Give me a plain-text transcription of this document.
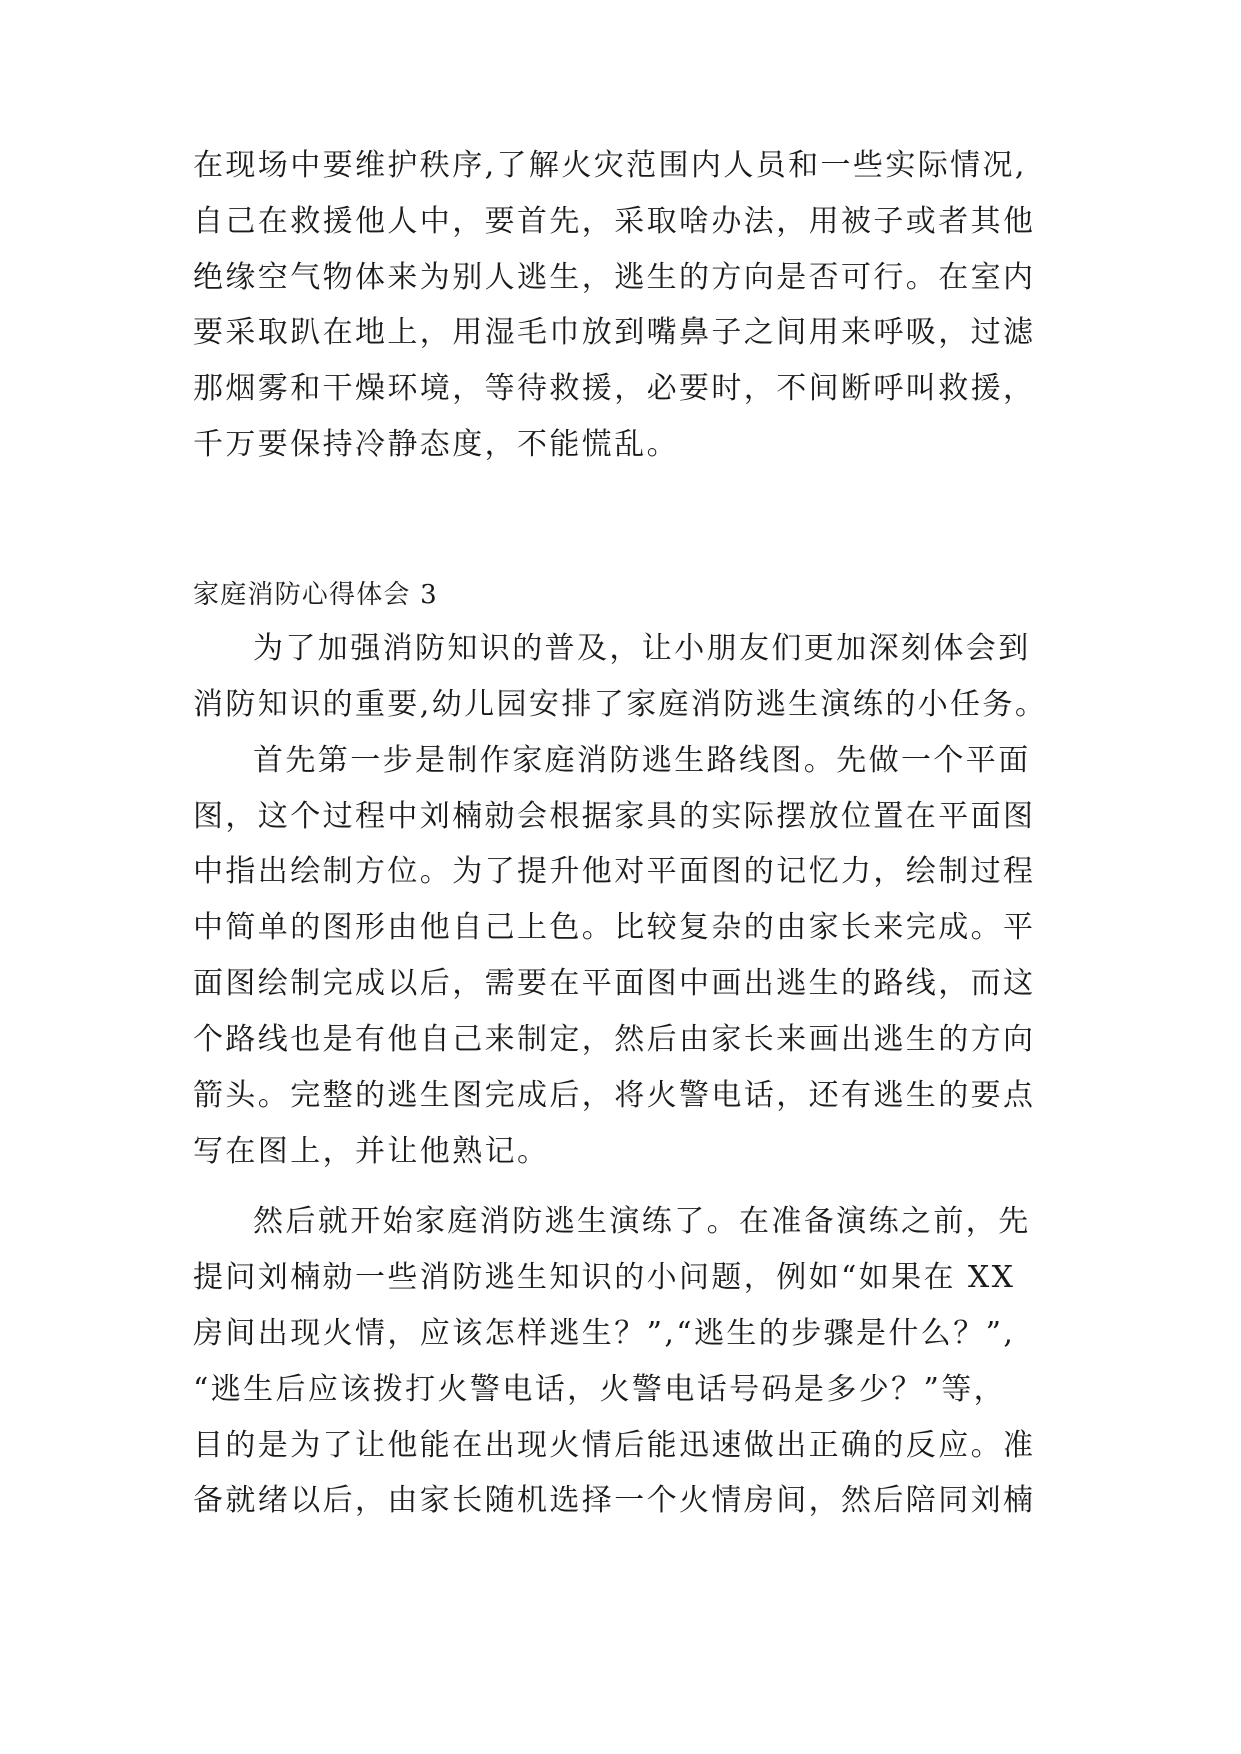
在现场中要维护秩序,了解火灾范围内人员和一些实际情况,
自己在救援他人中，要首先，采取啥办法，用被子或者其他
绝缘空气物体来为别人逃生，逃生的方向是否可行。在室内
要采取趴在地上，用湿毛巾放到嘴鼻子之间用来呼吸，过滤
那烟雾和干燥环境，等待救援，必要时，不间断呼叫救援，
千万要保持冷静态度，不能慌乱。
家庭消防心得体会 3
为了加强消防知识的普及，让小朋友们更加深刻体会到
消防知识的重要,幼儿园安排了家庭消防逃生演练的小任务。
首先第一步是制作家庭消防逃生路线图。先做一个平面
图，这个过程中刘楠勍会根据家具的实际摆放位置在平面图
中指出绘制方位。为了提升他对平面图的记忆力，绘制过程
中简单的图形由他自己上色。比较复杂的由家长来完成。平
面图绘制完成以后，需要在平面图中画出逃生的路线，而这
个路线也是有他自己来制定，然后由家长来画出逃生的方向
箭头。完整的逃生图完成后，将火警电话，还有逃生的要点
写在图上，并让他熟记。
然后就开始家庭消防逃生演练了。在准备演练之前，先
提问刘楠勍一些消防逃生知识的小问题，例如“如果在 XX
房间出现火情，应该怎样逃生？”,“逃生的步骤是什么？”,
“逃生后应该拨打火警电话，火警电话号码是多少？”等，
目的是为了让他能在出现火情后能迅速做出正确的反应。准
备就绪以后，由家长随机选择一个火情房间，然后陪同刘楠
